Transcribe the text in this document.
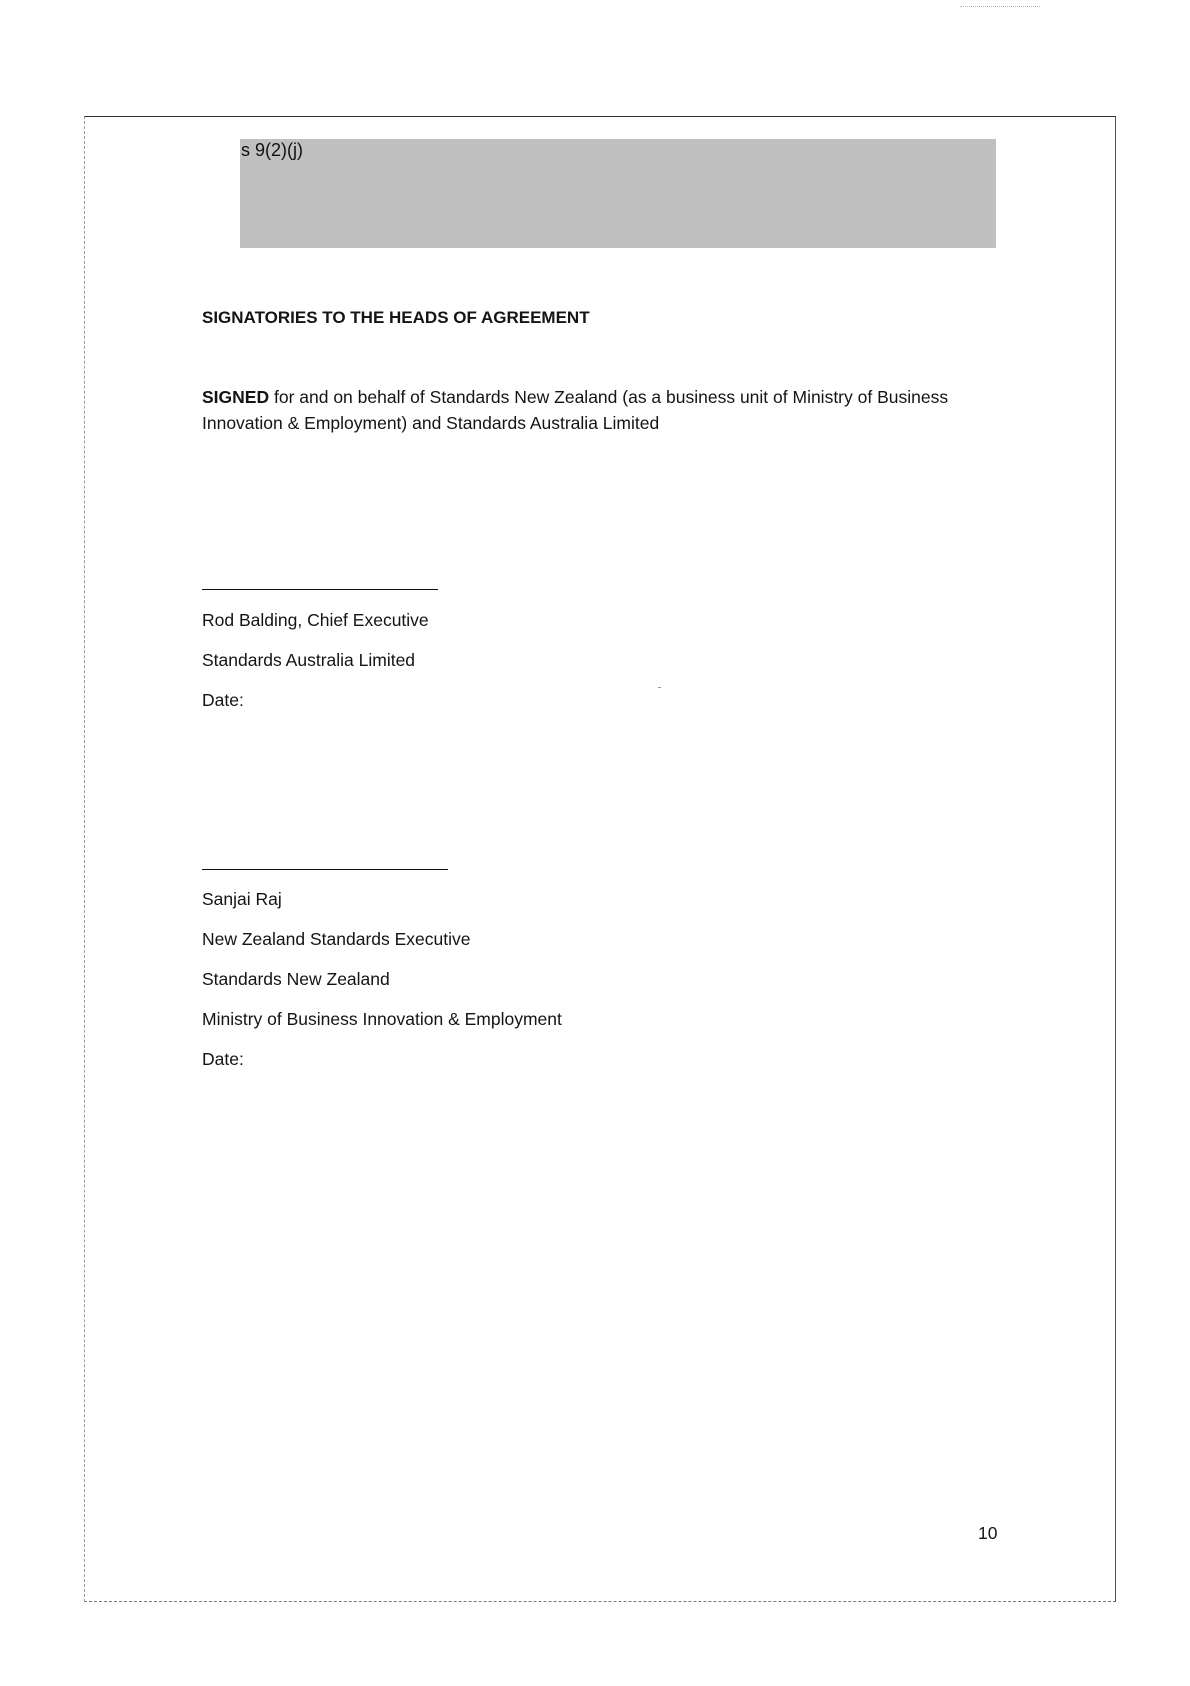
s 9(2)(j)
SIGNATORIES TO THE HEADS OF AGREEMENT
SIGNED for and on behalf of Standards New Zealand (as a business unit of Ministry of Business Innovation & Employment) and Standards Australia Limited
Rod Balding, Chief Executive
Standards Australia Limited
Date:
Sanjai Raj
New Zealand Standards Executive
Standards New Zealand
Ministry of Business Innovation & Employment
Date:
10
